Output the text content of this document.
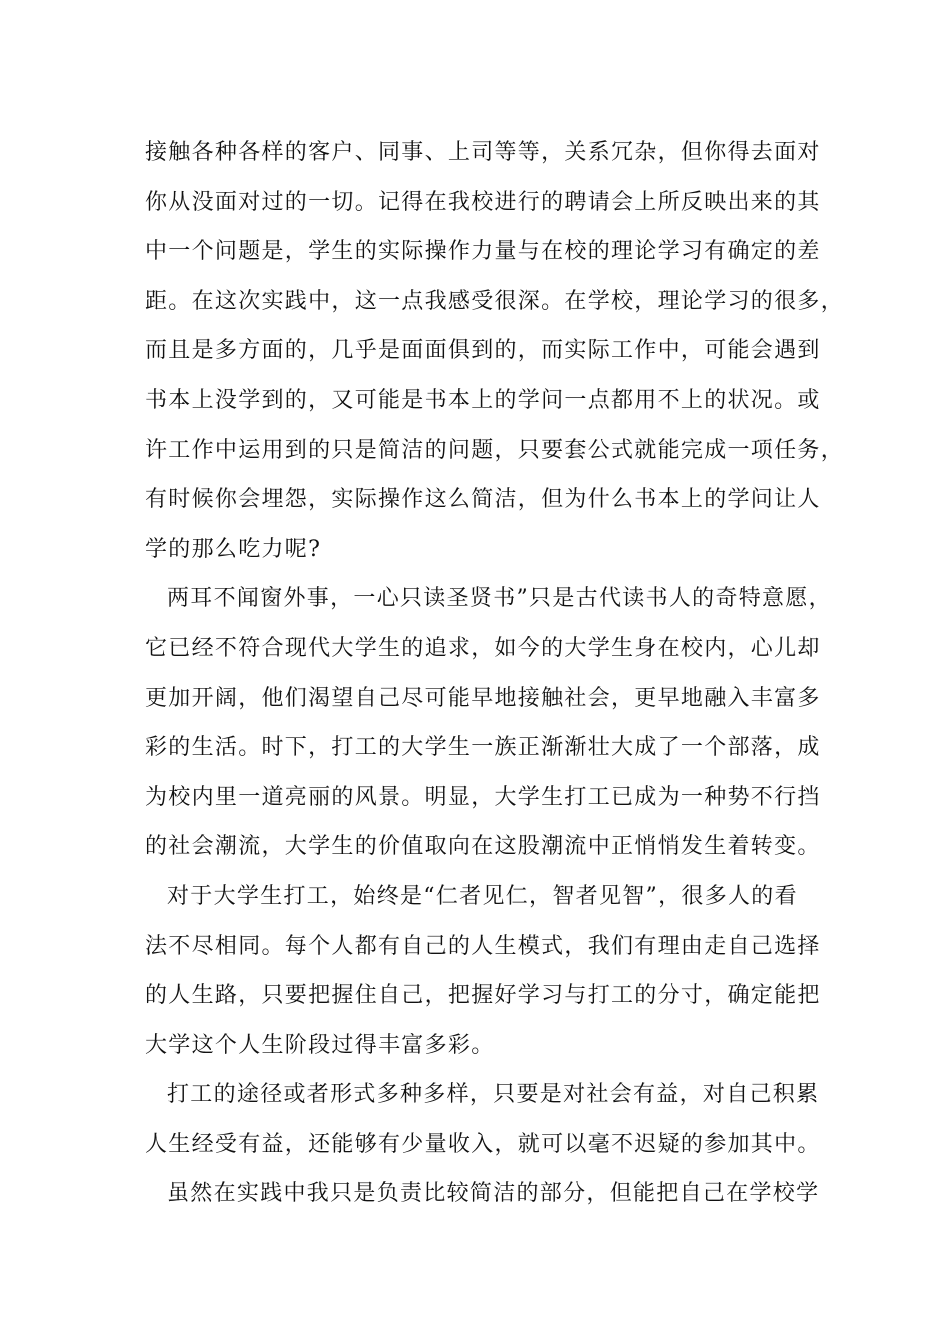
接触各种各样的客户、同事、上司等等，关系冗杂，但你得去面对
你从没面对过的一切。记得在我校进行的聘请会上所反映出来的其
中一个问题是，学生的实际操作力量与在校的理论学习有确定的差
距。在这次实践中，这一点我感受很深。在学校，理论学习的很多，
而且是多方面的，几乎是面面俱到的，而实际工作中，可能会遇到
书本上没学到的，又可能是书本上的学问一点都用不上的状况。或
许工作中运用到的只是简洁的问题，只要套公式就能完成一项任务，
有时候你会埋怨，实际操作这么简洁，但为什么书本上的学问让人
学的那么吃力呢?
两耳不闻窗外事，一心只读圣贤书”只是古代读书人的奇特意愿，
它已经不符合现代大学生的追求，如今的大学生身在校内，心儿却
更加开阔，他们渴望自己尽可能早地接触社会，更早地融入丰富多
彩的生活。时下，打工的大学生一族正渐渐壮大成了一个部落，成
为校内里一道亮丽的风景。明显，大学生打工已成为一种势不行挡
的社会潮流，大学生的价值取向在这股潮流中正悄悄发生着转变。
对于大学生打工，始终是“仁者见仁，智者见智”，很多人的看
法不尽相同。每个人都有自己的人生模式，我们有理由走自己选择
的人生路，只要把握住自己，把握好学习与打工的分寸，确定能把
大学这个人生阶段过得丰富多彩。
打工的途径或者形式多种多样，只要是对社会有益，对自己积累
人生经受有益，还能够有少量收入，就可以毫不迟疑的参加其中。
虽然在实践中我只是负责比较简洁的部分，但能把自己在学校学
